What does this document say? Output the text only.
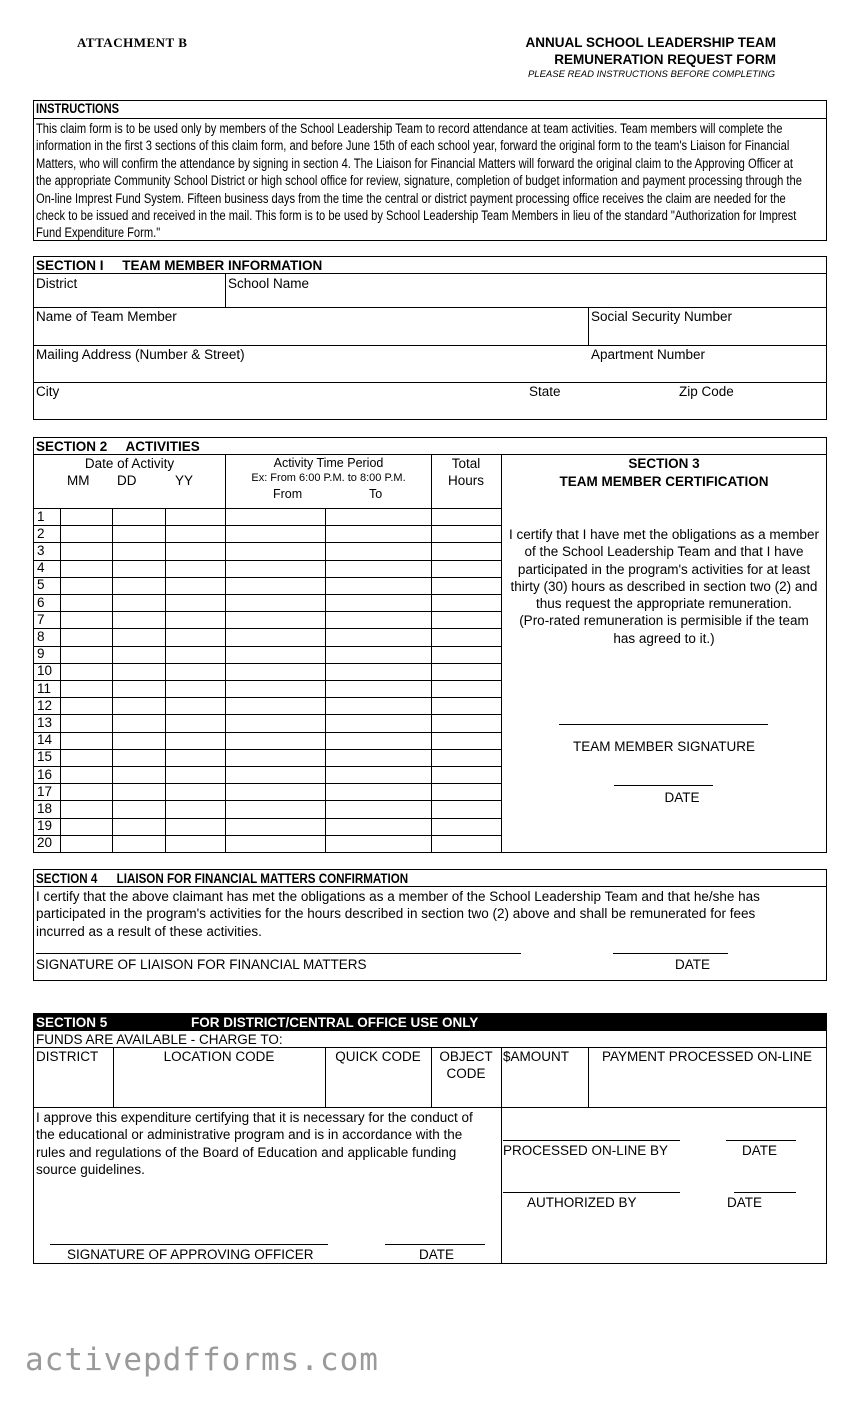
ATTACHMENT B	ANNUAL SCHOOL LEADERSHIP TEAM
REMUNERATION REQUEST FORM
PLEASE READ INSTRUCTIONS BEFORE COMPLETING
INSTRUCTIONS
This claim form is to be used only by members of the School Leadership Team to record attendance at team activities. Team members will complete the
information in the first 3 sections of this claim form, and before June 15th of each school year, forward the original form to the team's Liaison for Financial
Matters, who will confirm the attendance by signing in section 4. The Liaison for Financial Matters will forward the original claim to the Approving Officer at
the appropriate Community School District or high school office for review, signature, completion of budget information and payment processing through the
On-line Imprest Fund System. Fifteen business days from the time the central or district payment processing office receives the claim are needed for the
check to be issued and received in the mail. This form is to be used by School Leadership Team Members in lieu of the standard "Authorization for Imprest
Fund Expenditure Form."
SECTION I     TEAM MEMBER INFORMATION
District	School Name
Name of Team Member	Social Security Number
Mailing Address (Number & Street)	Apartment Number
City	State	Zip Code
SECTION 2     ACTIVITIES
Date of Activity
MM DD	YY
Activity Time Period
Ex: From 6:00 P.M. to 8:00 P.M.
From	To
Total
Hours
SECTION 3
TEAM MEMBER CERTIFICATION
I certify that I have met the obligations as a member
of the School Leadership Team and that I have
participated in the program's activities for at least
thirty (30) hours as described in section two (2) and
thus request the appropriate remuneration.
(Pro-rated remuneration is permisible if the team
has agreed to it.)
TEAM MEMBER SIGNATURE
DATE
SECTION 4      LIAISON FOR FINANCIAL MATTERS CONFIRMATION
I certify that the above claimant has met the obligations as a member of the School Leadership Team and that he/she has
participated in the program's activities for the hours described in section two (2) above and shall be remunerated for fees
incurred as a result of these activities.
SIGNATURE OF LIAISON FOR FINANCIAL MATTERS	DATE
SECTION 5	FOR DISTRICT/CENTRAL OFFICE USE ONLY
FUNDS ARE AVAILABLE - CHARGE TO:
DISTRICT	LOCATION CODE	QUICK CODE	OBJECT
CODE
$AMOUNT	PAYMENT PROCESSED ON-LINE
I approve this expenditure certifying that it is necessary for the conduct of
the educational or administrative program and is in accordance with the
rules and regulations of the Board of Education and applicable funding
source guidelines.
SIGNATURE OF APPROVING OFFICER	DATE
PROCESSED ON-LINE BY	DATE
AUTHORIZED BY	DATE
activepdfforms.com
1
2
3
4
5
6
7
8
9
10
11
12
13
14
15
16
17
18
19
20
